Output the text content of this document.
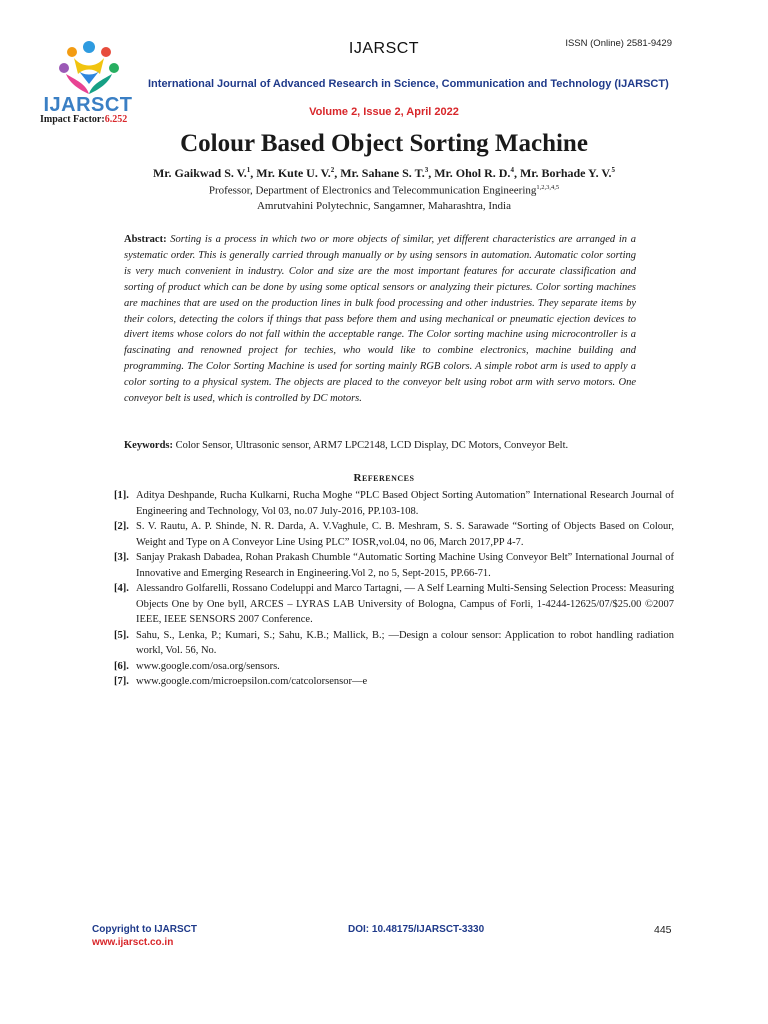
IJARSCT
Impact Factor:6.252
IJARSCT	ISSN (Online) 2581-9429
International Journal of Advanced Research in Science, Communication and Technology (IJARSCT)
Volume 2, Issue 2, April 2022
Colour Based Object Sorting Machine
Mr. Gaikwad S. V.$^1$, Mr. Kute U. V.$^2$, Mr. Sahane S. T.$^3$, Mr. Ohol R. D.$^4$, Mr. Borhade Y. V.$^5$
Professor, Department of Electronics and Telecommunication Engineering$^{1,2,3,4,5}$
Amrutvahini Polytechnic, Sangamner, Maharashtra, India
Abstract: Sorting is a process in which two or more objects of similar, yet different characteristics are arranged in a systematic order. This is generally carried through manually or by using sensors in automation. Automatic color sorting is very much convenient in industry. Color and size are the most important features for accurate classification and sorting of product which can be done by using some optical sensors or analyzing their pictures. Color sorting machines are machines that are used on the production lines in bulk food processing and other industries. They separate items by their colors, detecting the colors if things that pass before them and using mechanical or pneumatic ejection devices to divert items whose colors do not fall within the acceptable range. The Color sorting machine using microcontroller is a fascinating and renowned project for techies, who would like to combine electronics, machine building and programming. The Color Sorting Machine is used for sorting mainly RGB colors. A simple robot arm is used to apply a color sorting to a physical system. The objects are placed to the conveyor belt using robot arm with servo motors. One conveyor belt is used, which is controlled by DC motors.
Keywords: Color Sensor, Ultrasonic sensor, ARM7 LPC2148, LCD Display, DC Motors, Conveyor Belt.
References
[1]. Aditya Deshpande, Rucha Kulkarni, Rucha Moghe “PLC Based Object Sorting Automation” International Research Journal of Engineering and Technology, Vol 03, no.07 July-2016, PP.103-108.
[2]. S. V. Rautu, A. P. Shinde, N. R. Darda, A. V.Vaghule, C. B. Meshram, S. S. Sarawade “Sorting of Objects Based on Colour, Weight and Type on A Conveyor Line Using PLC” IOSR,vol.04, no 06, March 2017,PP 4-7.
[3]. Sanjay Prakash Dabadea, Rohan Prakash Chumble “Automatic Sorting Machine Using Conveyor Belt” International Journal of Innovative and Emerging Research in Engineering.Vol 2, no 5, Sept-2015, PP.66-71.
[4]. Alessandro Golfarelli, Rossano Codeluppi and Marco Tartagni, — A Self Learning Multi-Sensing Selection Process: Measuring Objects One by One byll, ARCES – LYRAS LAB University of Bologna, Campus of Forli, 1-4244-12625/07/$25.00 ©2007 IEEE, IEEE SENSORS 2007 Conference.
[5]. Sahu, S., Lenka, P.; Kumari, S.; Sahu, K.B.; Mallick, B.; —Design a colour sensor: Application to robot handling radiation workl, Vol. 56, No.
[6]. www.google.com/osa.org/sensors.
[7]. www.google.com/microepsilon.com/catcolorsensor—e
Copyright to IJARSCT
www.ijarsct.co.in
DOI: 10.48175/IJARSCT-3330	445
